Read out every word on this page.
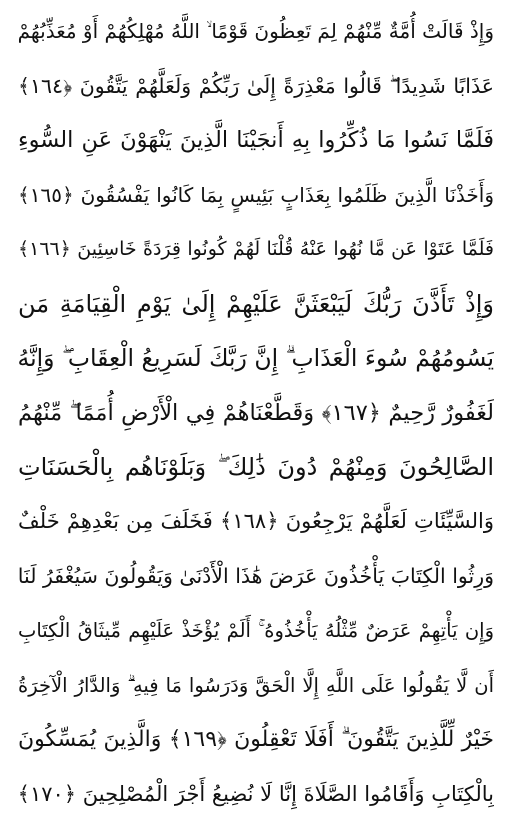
وَإِذْ قَالَتْ أُمَّةٌ مِّنْهُمْ لِمَ تَعِظُونَ قَوْمًا ۙ اللَّهُ مُهْلِكُهُمْ أَوْ مُعَذِّبُهُمْ
عَذَابًا شَدِيدًا ۖ قَالُوا مَعْذِرَةً إِلَىٰ رَبِّكُمْ وَلَعَلَّهُمْ يَتَّقُونَ ﴿١٦٤﴾
فَلَمَّا نَسُوا مَا ذُكِّرُوا بِهِ أَنجَيْنَا الَّذِينَ يَنْهَوْنَ عَنِ السُّوءِ
وَأَخَذْنَا الَّذِينَ ظَلَمُوا بِعَذَابٍ بَئِيسٍ بِمَا كَانُوا يَفْسُقُونَ ﴿١٦٥﴾
فَلَمَّا عَتَوْا عَن مَّا نُهُوا عَنْهُ قُلْنَا لَهُمْ كُونُوا قِرَدَةً خَاسِئِينَ ﴿١٦٦﴾
وَإِذْ تَأَذَّنَ رَبُّكَ لَيَبْعَثَنَّ عَلَيْهِمْ إِلَىٰ يَوْمِ الْقِيَامَةِ مَن
يَسُومُهُمْ سُوءَ الْعَذَابِ ۗ إِنَّ رَبَّكَ لَسَرِيعُ الْعِقَابِ ۖ وَإِنَّهُ
لَغَفُورٌ رَّحِيمٌ ﴿١٦٧﴾ وَقَطَّعْنَاهُمْ فِي الْأَرْضِ أُمَمًا ۖ مِّنْهُمُ
الصَّالِحُونَ وَمِنْهُمْ دُونَ ذَٰلِكَ ۖ وَبَلَوْنَاهُم بِالْحَسَنَاتِ
وَالسَّيِّئَاتِ لَعَلَّهُمْ يَرْجِعُونَ ﴿١٦٨﴾ فَخَلَفَ مِن بَعْدِهِمْ خَلْفٌ
وَرِثُوا الْكِتَابَ يَأْخُذُونَ عَرَضَ هَٰذَا الْأَدْنَىٰ وَيَقُولُونَ سَيُغْفَرُ لَنَا
وَإِن يَأْتِهِمْ عَرَضٌ مِّثْلُهُ يَأْخُذُوهُ ۚ أَلَمْ يُؤْخَذْ عَلَيْهِم مِّيثَاقُ الْكِتَابِ
أَن لَّا يَقُولُوا عَلَى اللَّهِ إِلَّا الْحَقَّ وَدَرَسُوا مَا فِيهِ ۗ وَالدَّارُ الْآخِرَةُ
خَيْرٌ لِّلَّذِينَ يَتَّقُونَ ۗ أَفَلَا تَعْقِلُونَ ﴿١٦٩﴾ وَالَّذِينَ يُمَسِّكُونَ
بِالْكِتَابِ وَأَقَامُوا الصَّلَاةَ إِنَّا لَا نُضِيعُ أَجْرَ الْمُصْلِحِينَ ﴿١٧٠﴾
